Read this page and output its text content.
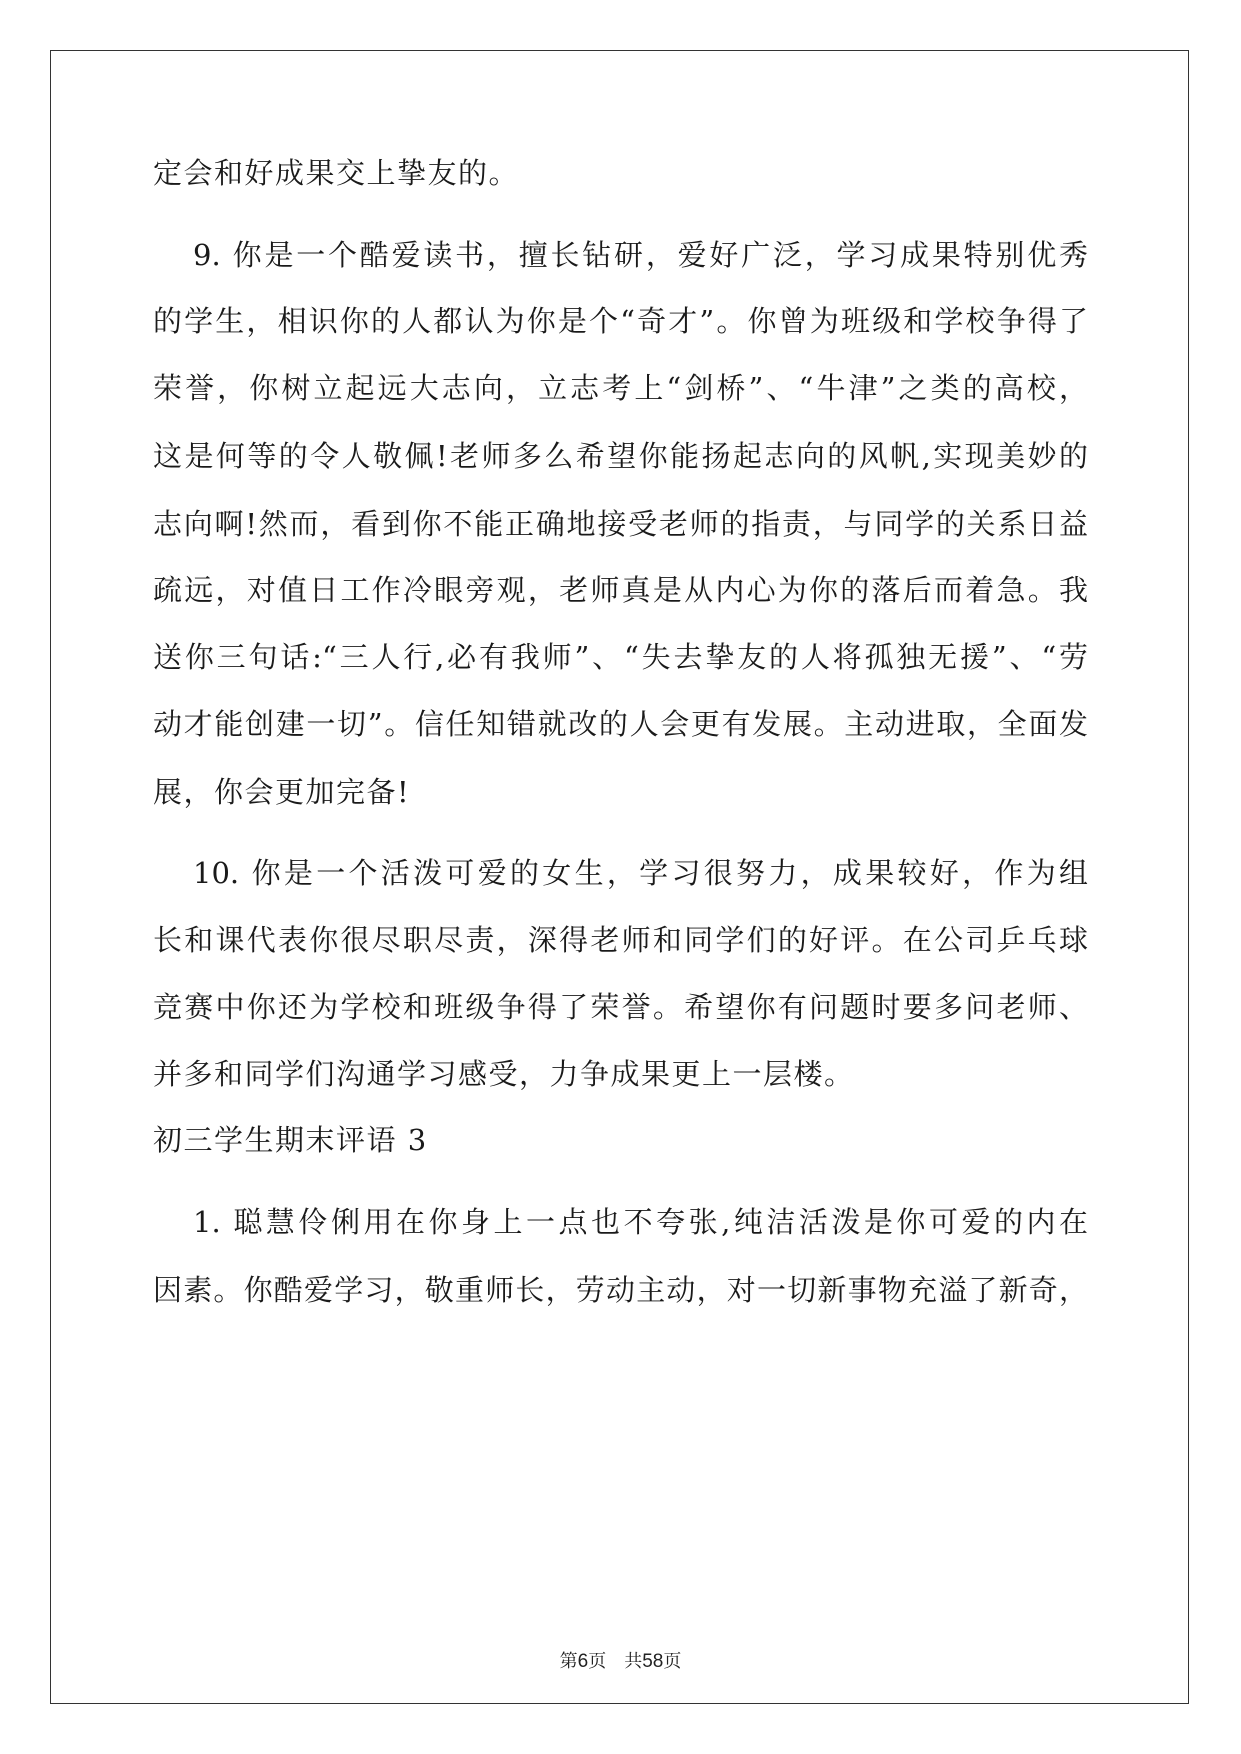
定会和好成果交上挚友的。
9. 你是一个酷爱读书，擅长钻研，爱好广泛，学习成果特别优秀
的学生，相识你的人都认为你是个“奇才”。你曾为班级和学校争得了
荣誉，你树立起远大志向，立志考上“剑桥”、“牛津”之类的高校，
这是何等的令人敬佩!老师多么希望你能扬起志向的风帆,实现美妙的
志向啊!然而，看到你不能正确地接受老师的指责，与同学的关系日益
疏远，对值日工作冷眼旁观，老师真是从内心为你的落后而着急。我
送你三句话:“三人行,必有我师”、“失去挚友的人将孤独无援”、“劳
动才能创建一切”。信任知错就改的人会更有发展。主动进取，全面发
展，你会更加完备!
10. 你是一个活泼可爱的女生，学习很努力，成果较好，作为组
长和课代表你很尽职尽责，深得老师和同学们的好评。在公司乒乓球
竞赛中你还为学校和班级争得了荣誉。希望你有问题时要多问老师、
并多和同学们沟通学习感受，力争成果更上一层楼。
初三学生期末评语 3
1. 聪慧伶俐用在你身上一点也不夸张,纯洁活泼是你可爱的内在
因素。你酷爱学习，敬重师长，劳动主动，对一切新事物充溢了新奇，
第6页 共58页
